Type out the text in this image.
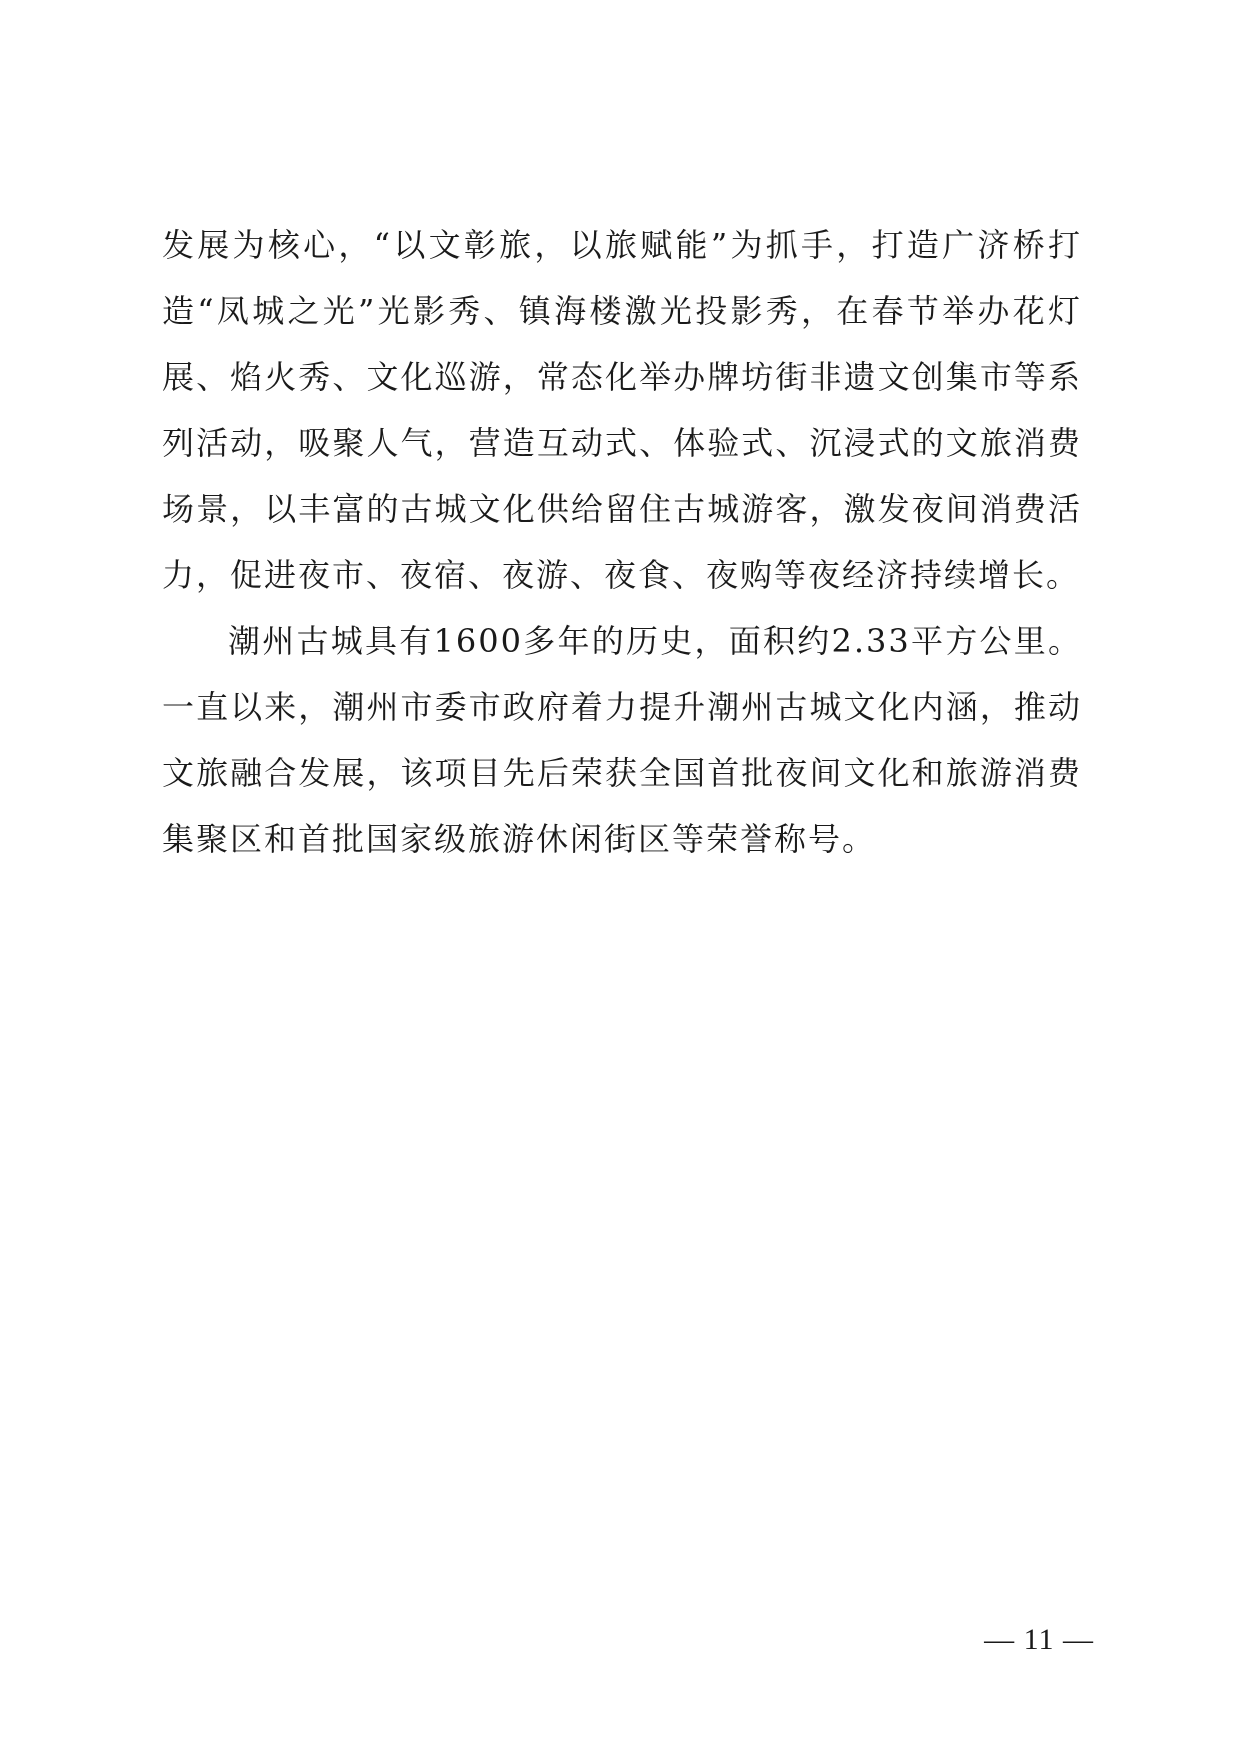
发展为核心，“以文彰旅，以旅赋能”为抓手，打造广济桥打造“凤城之光”光影秀、镇海楼激光投影秀，在春节举办花灯展、焰火秀、文化巡游，常态化举办牌坊街非遗文创集市等系列活动，吸聚人气，营造互动式、体验式、沉浸式的文旅消费场景，以丰富的古城文化供给留住古城游客，激发夜间消费活力，促进夜市、夜宿、夜游、夜食、夜购等夜经济持续增长。

潮州古城具有1600多年的历史，面积约2.33平方公里。一直以来，潮州市委市政府着力提升潮州古城文化内涵，推动文旅融合发展，该项目先后荣获全国首批夜间文化和旅游消费集聚区和首批国家级旅游休闲街区等荣誉称号。

— 11 —
